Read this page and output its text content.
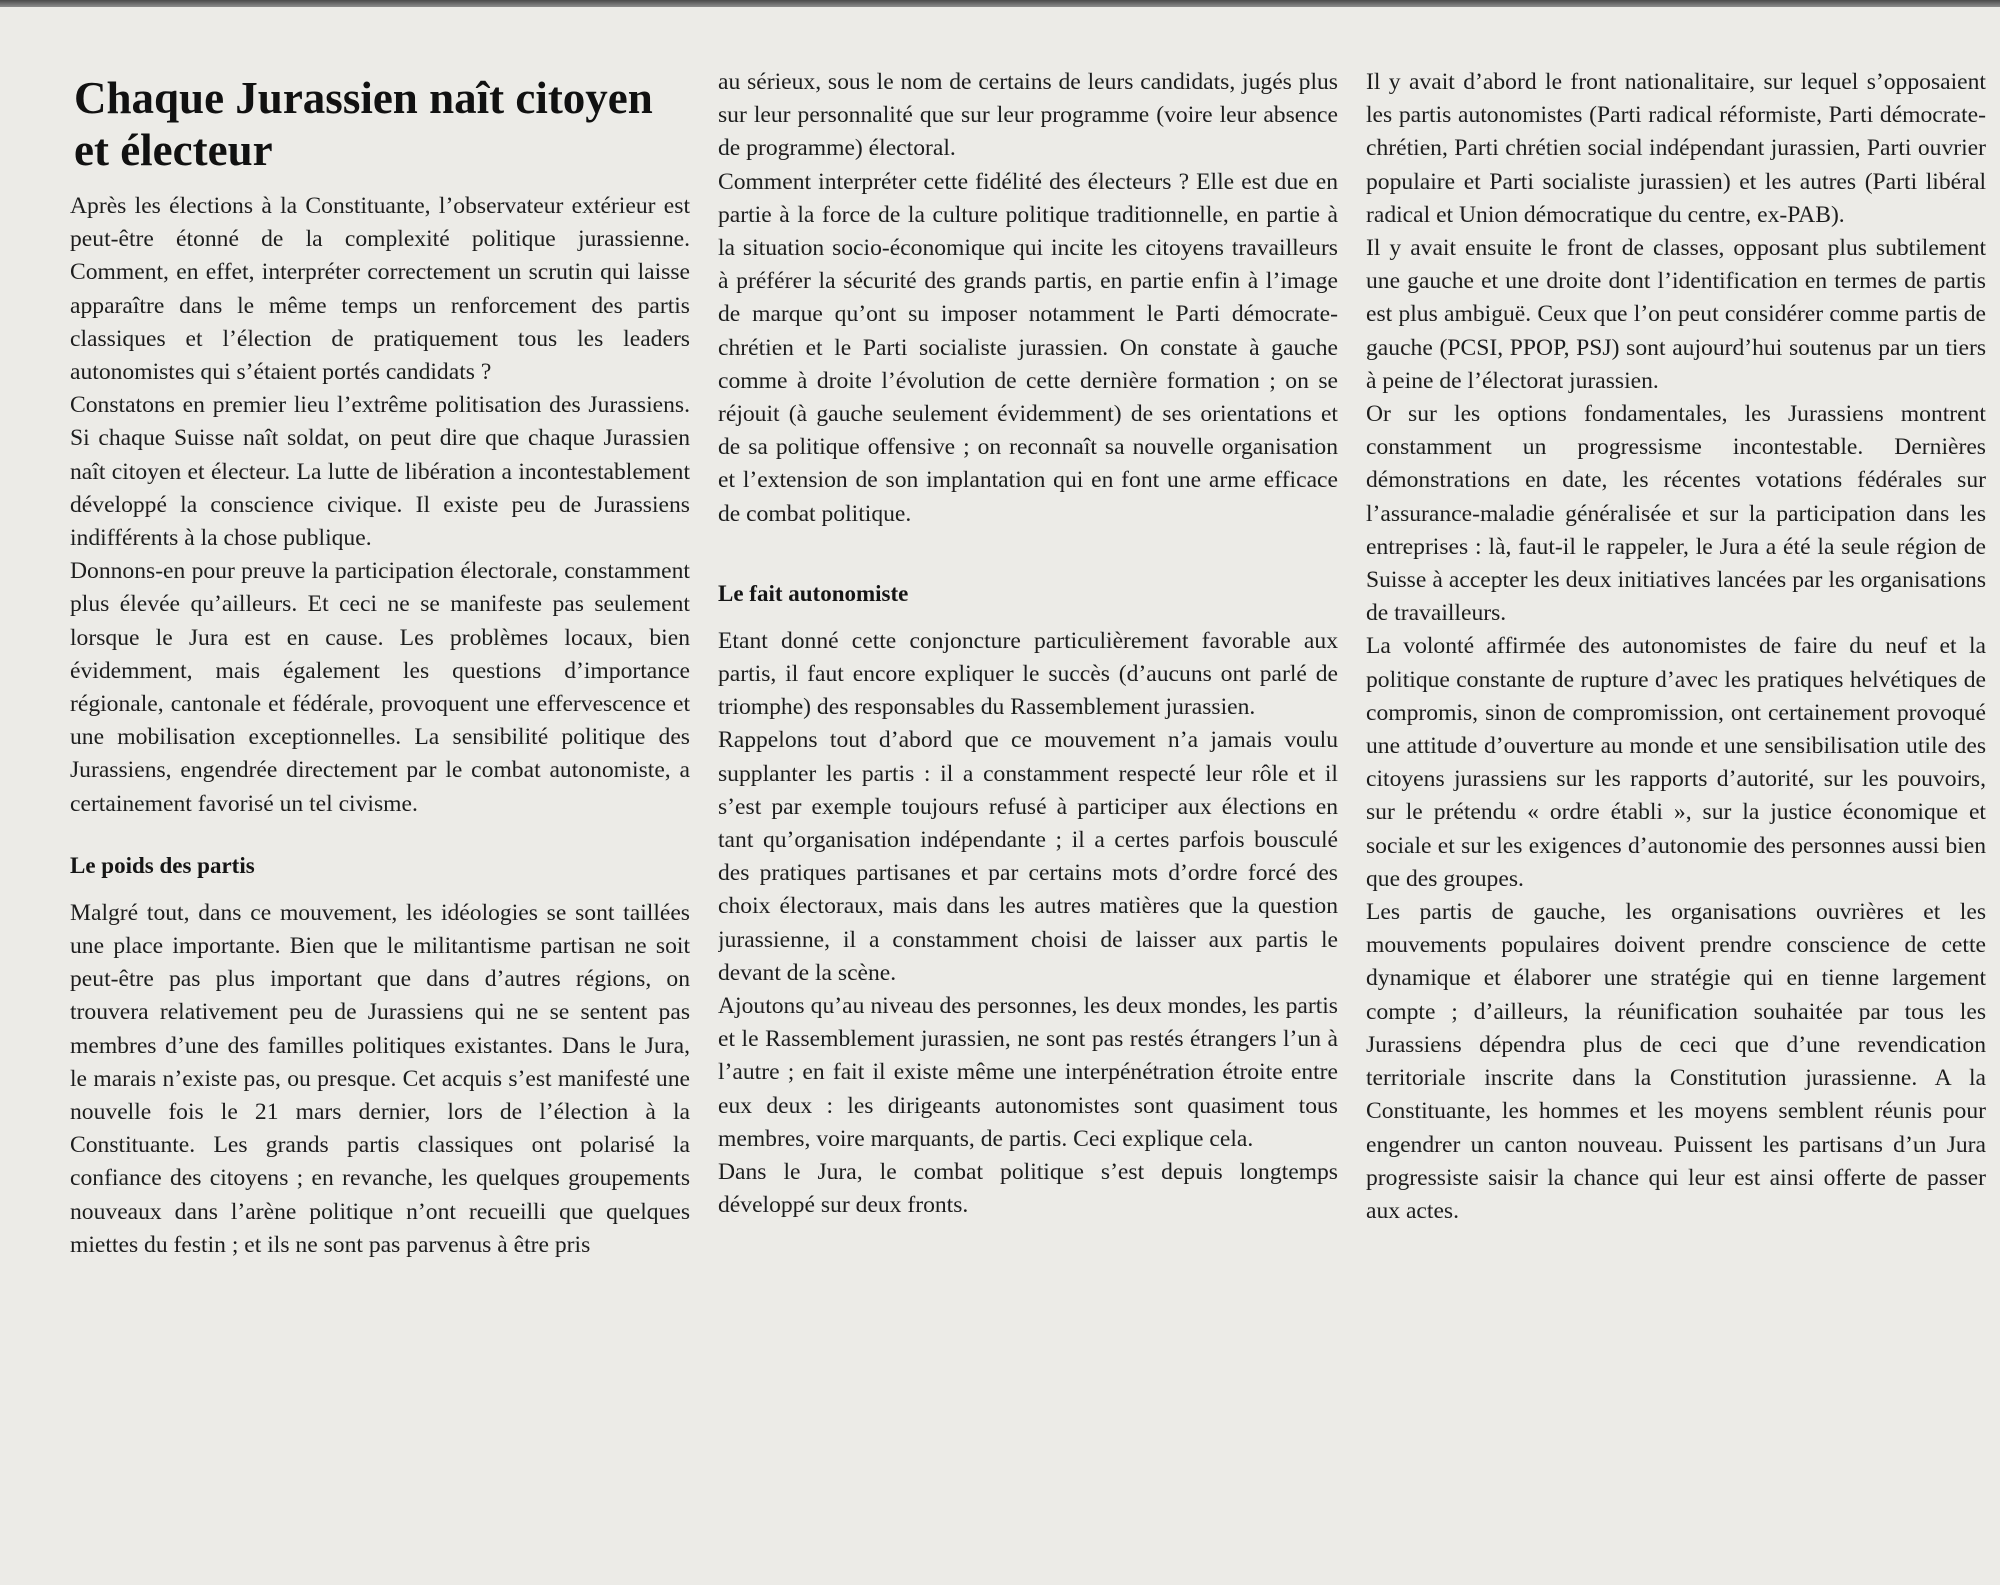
Chaque Jurassien naît citoyen et électeur

Après les élections à la Constituante, l’observateur extérieur est peut-être étonné de la complexité politique jurassienne. Comment, en effet, interpréter correctement un scrutin qui laisse apparaître dans le même temps un renforcement des partis classiques et l’élection de pratiquement tous les leaders autonomistes qui s’étaient portés candidats ?

Constatons en premier lieu l’extrême politisation des Jurassiens. Si chaque Suisse naît soldat, on peut dire que chaque Jurassien naît citoyen et électeur. La lutte de libération a incontestablement développé la conscience civique. Il existe peu de Jurassiens indifférents à la chose publique.

Donnons-en pour preuve la participation électorale, constamment plus élevée qu’ailleurs. Et ceci ne se manifeste pas seulement lorsque le Jura est en cause. Les problèmes locaux, bien évidemment, mais également les questions d’importance régionale, cantonale et fédérale, provoquent une effervescence et une mobilisation exceptionnelles. La sensibilité politique des Jurassiens, engendrée directement par le combat autonomiste, a certainement favorisé un tel civisme.

Le poids des partis

Malgré tout, dans ce mouvement, les idéologies se sont taillées une place importante. Bien que le militantisme partisan ne soit peut-être pas plus important que dans d’autres régions, on trouvera relativement peu de Jurassiens qui ne se sentent pas membres d’une des familles politiques existantes. Dans le Jura, le marais n’existe pas, ou presque. Cet acquis s’est manifesté une nouvelle fois le 21 mars dernier, lors de l’élection à la Constituante. Les grands partis classiques ont polarisé la confiance des citoyens ; en revanche, les quelques groupements nouveaux dans l’arène politique n’ont recueilli que quelques miettes du festin ; et ils ne sont pas parvenus à être pris

au sérieux, sous le nom de certains de leurs candidats, jugés plus sur leur personnalité que sur leur programme (voire leur absence de programme) électoral.

Comment interpréter cette fidélité des électeurs ? Elle est due en partie à la force de la culture politique traditionnelle, en partie à la situation socio-économique qui incite les citoyens travailleurs à préférer la sécurité des grands partis, en partie enfin à l’image de marque qu’ont su imposer notamment le Parti démocrate-chrétien et le Parti socialiste jurassien. On constate à gauche comme à droite l’évolution de cette dernière formation ; on se réjouit (à gauche seulement évidemment) de ses orientations et de sa politique offensive ; on reconnaît sa nouvelle organisation et l’extension de son implantation qui en font une arme efficace de combat politique.

Le fait autonomiste

Etant donné cette conjoncture particulièrement favorable aux partis, il faut encore expliquer le succès (d’aucuns ont parlé de triomphe) des responsables du Rassemblement jurassien.

Rappelons tout d’abord que ce mouvement n’a jamais voulu supplanter les partis : il a constamment respecté leur rôle et il s’est par exemple toujours refusé à participer aux élections en tant qu’organisation indépendante ; il a certes parfois bousculé des pratiques partisanes et par certains mots d’ordre forcé des choix électoraux, mais dans les autres matières que la question jurassienne, il a constamment choisi de laisser aux partis le devant de la scène.

Ajoutons qu’au niveau des personnes, les deux mondes, les partis et le Rassemblement jurassien, ne sont pas restés étrangers l’un à l’autre ; en fait il existe même une interpénétration étroite entre eux deux : les dirigeants autonomistes sont quasiment tous membres, voire marquants, de partis. Ceci explique cela.

Dans le Jura, le combat politique s’est depuis longtemps développé sur deux fronts.

Il y avait d’abord le front nationalitaire, sur lequel s’opposaient les partis autonomistes (Parti radical réformiste, Parti démocrate-chrétien, Parti chrétien social indépendant jurassien, Parti ouvrier populaire et Parti socialiste jurassien) et les autres (Parti libéral radical et Union démocratique du centre, ex-PAB).

Il y avait ensuite le front de classes, opposant plus subtilement une gauche et une droite dont l’identification en termes de partis est plus ambiguë. Ceux que l’on peut considérer comme partis de gauche (PCSI, PPOP, PSJ) sont aujourd’hui soutenus par un tiers à peine de l’électorat jurassien.

Or sur les options fondamentales, les Jurassiens montrent constamment un progressisme incontestable. Dernières démonstrations en date, les récentes votations fédérales sur l’assurance-maladie généralisée et sur la participation dans les entreprises : là, faut-il le rappeler, le Jura a été la seule région de Suisse à accepter les deux initiatives lancées par les organisations de travailleurs.

La volonté affirmée des autonomistes de faire du neuf et la politique constante de rupture d’avec les pratiques helvétiques de compromis, sinon de compromission, ont certainement provoqué une attitude d’ouverture au monde et une sensibilisation utile des citoyens jurassiens sur les rapports d’autorité, sur les pouvoirs, sur le prétendu « ordre établi », sur la justice économique et sociale et sur les exigences d’autonomie des personnes aussi bien que des groupes.

Les partis de gauche, les organisations ouvrières et les mouvements populaires doivent prendre conscience de cette dynamique et élaborer une stratégie qui en tienne largement compte ; d’ailleurs, la réunification souhaitée par tous les Jurassiens dépendra plus de ceci que d’une revendication territoriale inscrite dans la Constitution jurassienne. A la Constituante, les hommes et les moyens semblent réunis pour engendrer un canton nouveau. Puissent les partisans d’un Jura progressiste saisir la chance qui leur est ainsi offerte de passer aux actes.
